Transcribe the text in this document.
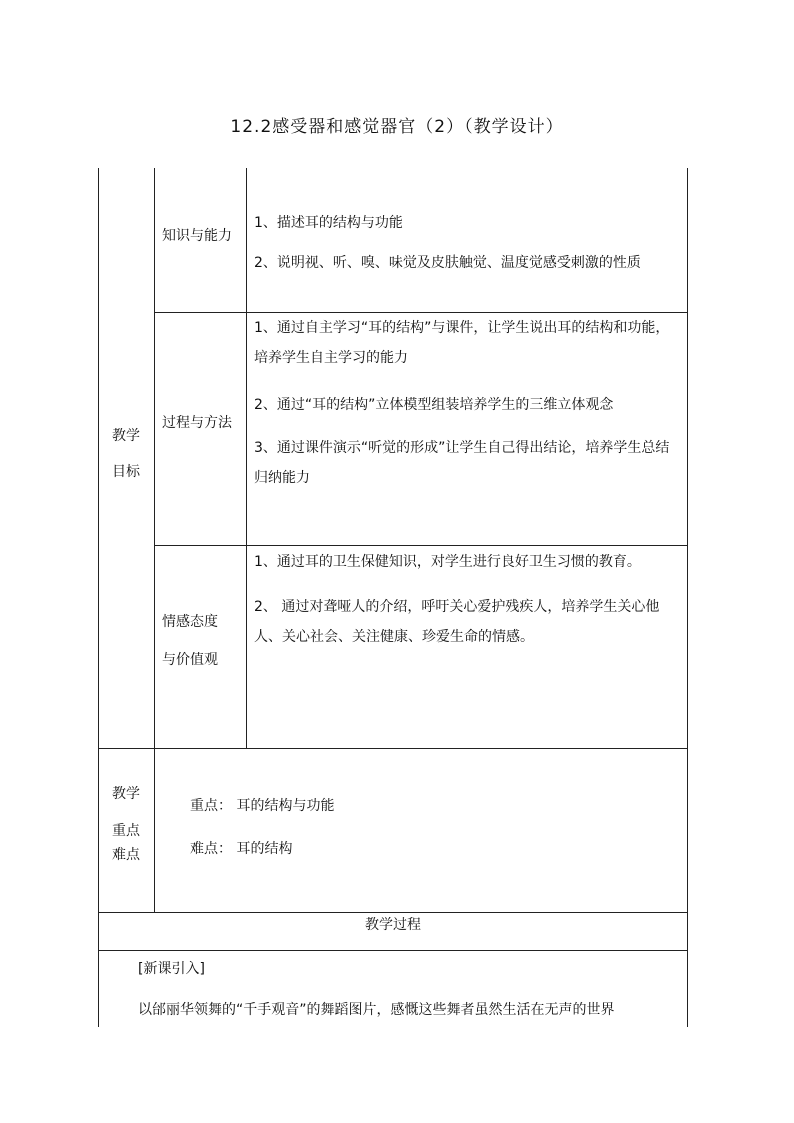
12.2感受器和感觉器官（2）（教学设计）
教学
目标
知识与能力
1、描述耳的结构与功能
2、说明视、听、嗅、味觉及皮肤触觉、温度觉感受刺激的性质
过程与方法
1、通过自主学习“耳的结构”与课件，让学生说出耳的结构和功能，培养学生自主学习的能力
2、通过“耳的结构”立体模型组装培养学生的三维立体观念
3、通过课件演示“听觉的形成”让学生自己得出结论，培养学生总结归纳能力
情感态度
与价值观
1、通过耳的卫生保健知识，对学生进行良好卫生习惯的教育。
2、 通过对聋哑人的介绍，呼吁关心爱护残疾人，培养学生关心他人、关心社会、关注健康、珍爱生命的情感。
教学
重点
难点
重点： 耳的结构与功能
难点： 耳的结构
教学过程
[新课引入]
以邰丽华领舞的“千手观音”的舞蹈图片，感慨这些舞者虽然生活在无声的世界
